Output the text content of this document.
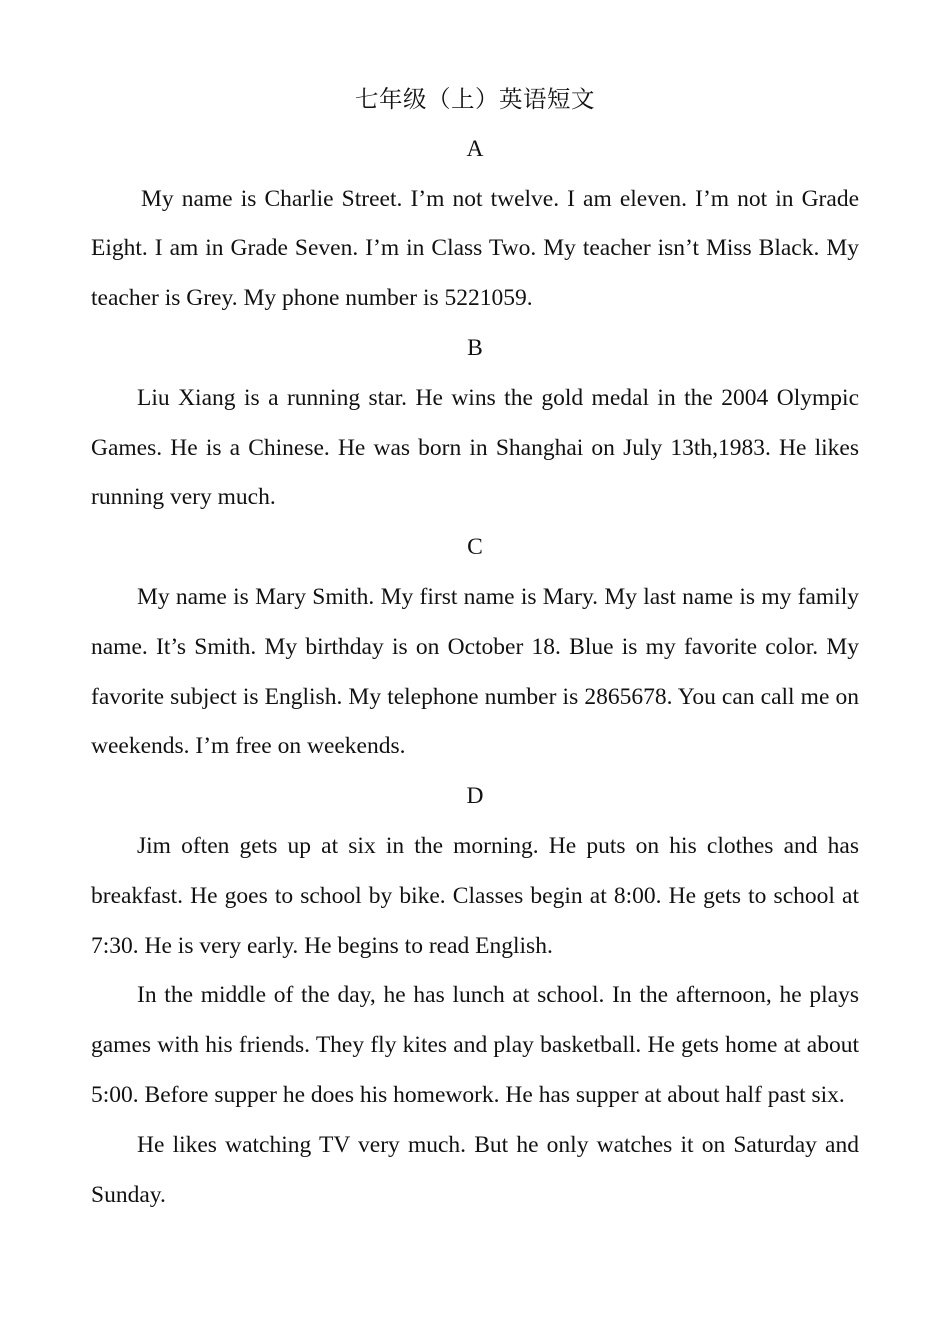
七年级（上）英语短文
A

My name is Charlie Street. I’m not twelve. I am eleven. I’m not in Grade Eight. I am in Grade Seven. I’m in Class Two. My teacher isn’t Miss Black. My teacher is Grey. My phone number is 5221059.

B

Liu Xiang is a running star. He wins the gold medal in the 2004 Olympic Games. He is a Chinese. He was born in Shanghai on July 13th,1983. He likes running very much.

C

My name is Mary Smith. My first name is Mary. My last name is my family name. It’s Smith. My birthday is on October 18. Blue is my favorite color. My favorite subject is English. My telephone number is 2865678. You can call me on weekends. I’m free on weekends.

D

Jim often gets up at six in the morning. He puts on his clothes and has breakfast. He goes to school by bike. Classes begin at 8:00. He gets to school at 7:30. He is very early. He begins to read English.

In the middle of the day, he has lunch at school. In the afternoon, he plays games with his friends. They fly kites and play basketball. He gets home at about 5:00. Before supper he does his homework. He has supper at about half past six.

He likes watching TV very much. But he only watches it on Saturday and Sunday.
